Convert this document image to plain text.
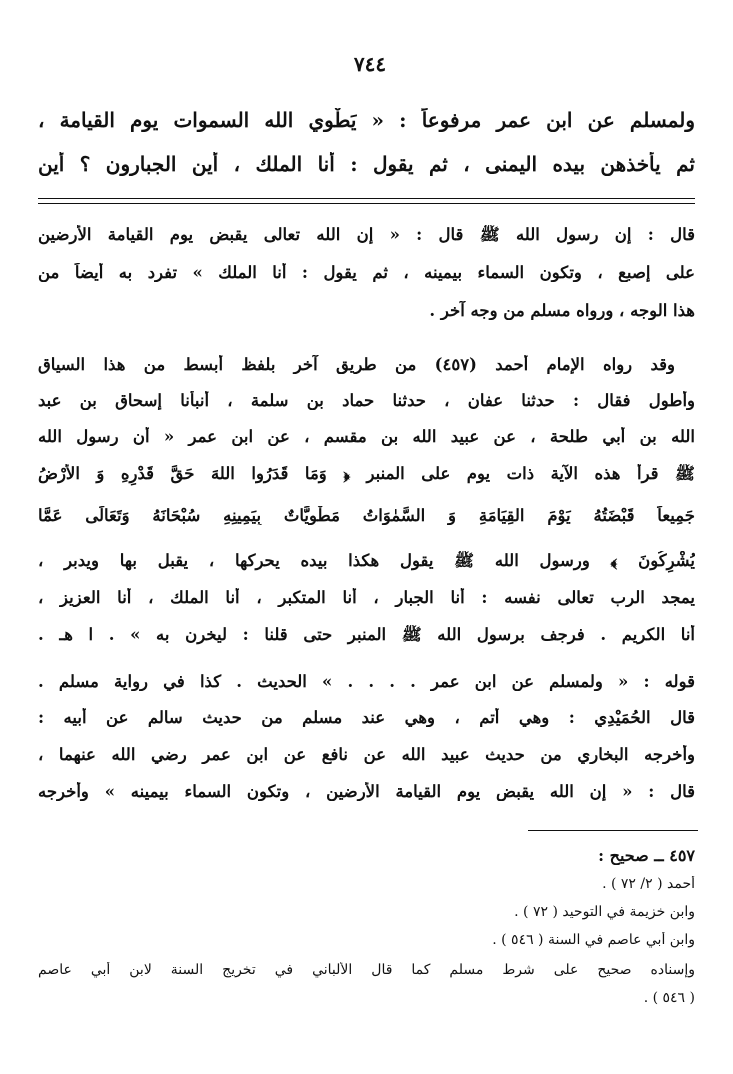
٧٤٤
ولمسلم عن ابن عمر مرفوعاً : « يَطْوِي الله السموات يوم القيامة ،
ثم يأخذهن بيده اليمنى ، ثم يقول : أنا الملك ، أين الجبارون ؟ أين
قال : إن رسول الله ﷺ قال : « إن الله تعالى يقبض يوم القيامة الأرضين
على إصبع ، وتكون السماء بيمينه ، ثم يقول : أنا الملك » تفرد به أيضاً من
هذا الوجه ، ورواه مسلم من وجه آخر .
وقد رواه الإمام أحمد (٤٥٧) من طريق آخر بلفظ أبسط من هذا السياق
وأطول فقال : حدثنا عفان ، حدثنا حماد بن سلمة ، أنبأنا إسحاق بن عبد
الله بن أبي طلحة ، عن عبيد الله بن مقسم ، عن ابن عمر « أن رسول الله
ﷺ قرأ هذه الآية ذات يوم على المنبر ﴿ وَمَا قَدَرُوا اللهَ حَقَّ قَدْرِهِ وَ الأَرْضُ
جَمِيعاً قَبْضَتُهُ يَوْمَ القِيَامَةِ وَ السَّمٰوَاتُ مَطْوِيَّاتٌ بِيَمِينِهِ سُبْحَانَهُ وَتَعَالَى عَمَّا
يُشْرِكُونَ ﴾ ورسول الله ﷺ يقول هكذا بيده يحركها ، يقبل بها ويدبر ،
يمجد الرب تعالى نفسه : أنا الجبار ، أنا المتكبر ، أنا الملك ، أنا العزيز ،
أنا الكريم . فرجف برسول الله ﷺ المنبر حتى قلنا : ليخرن به » . ا هـ .
قوله : « ولمسلم عن ابن عمر . . . . » الحديث . كذا في رواية مسلم .
قال الحُمَيْدِي : وهي أتم ، وهي عند مسلم من حديث سالم عن أبيه :
وأخرجه البخاري من حديث عبيد الله عن نافع عن ابن عمر رضي الله عنهما ،
قال : « إن الله يقبض يوم القيامة الأرضين ، وتكون السماء بيمينه » وأخرجه
٤٥٧ ــ صحيح :
أحمد ( ٢/ ٧٢ ) .
وابن خزيمة في التوحيد ( ٧٢ ) .
وابن أبي عاصم في السنة ( ٥٤٦ ) .
وإسناده صحيح على شرط مسلم كما قال الألباني في تخريج السنة لابن أبي عاصم
( ٥٤٦ ) .
